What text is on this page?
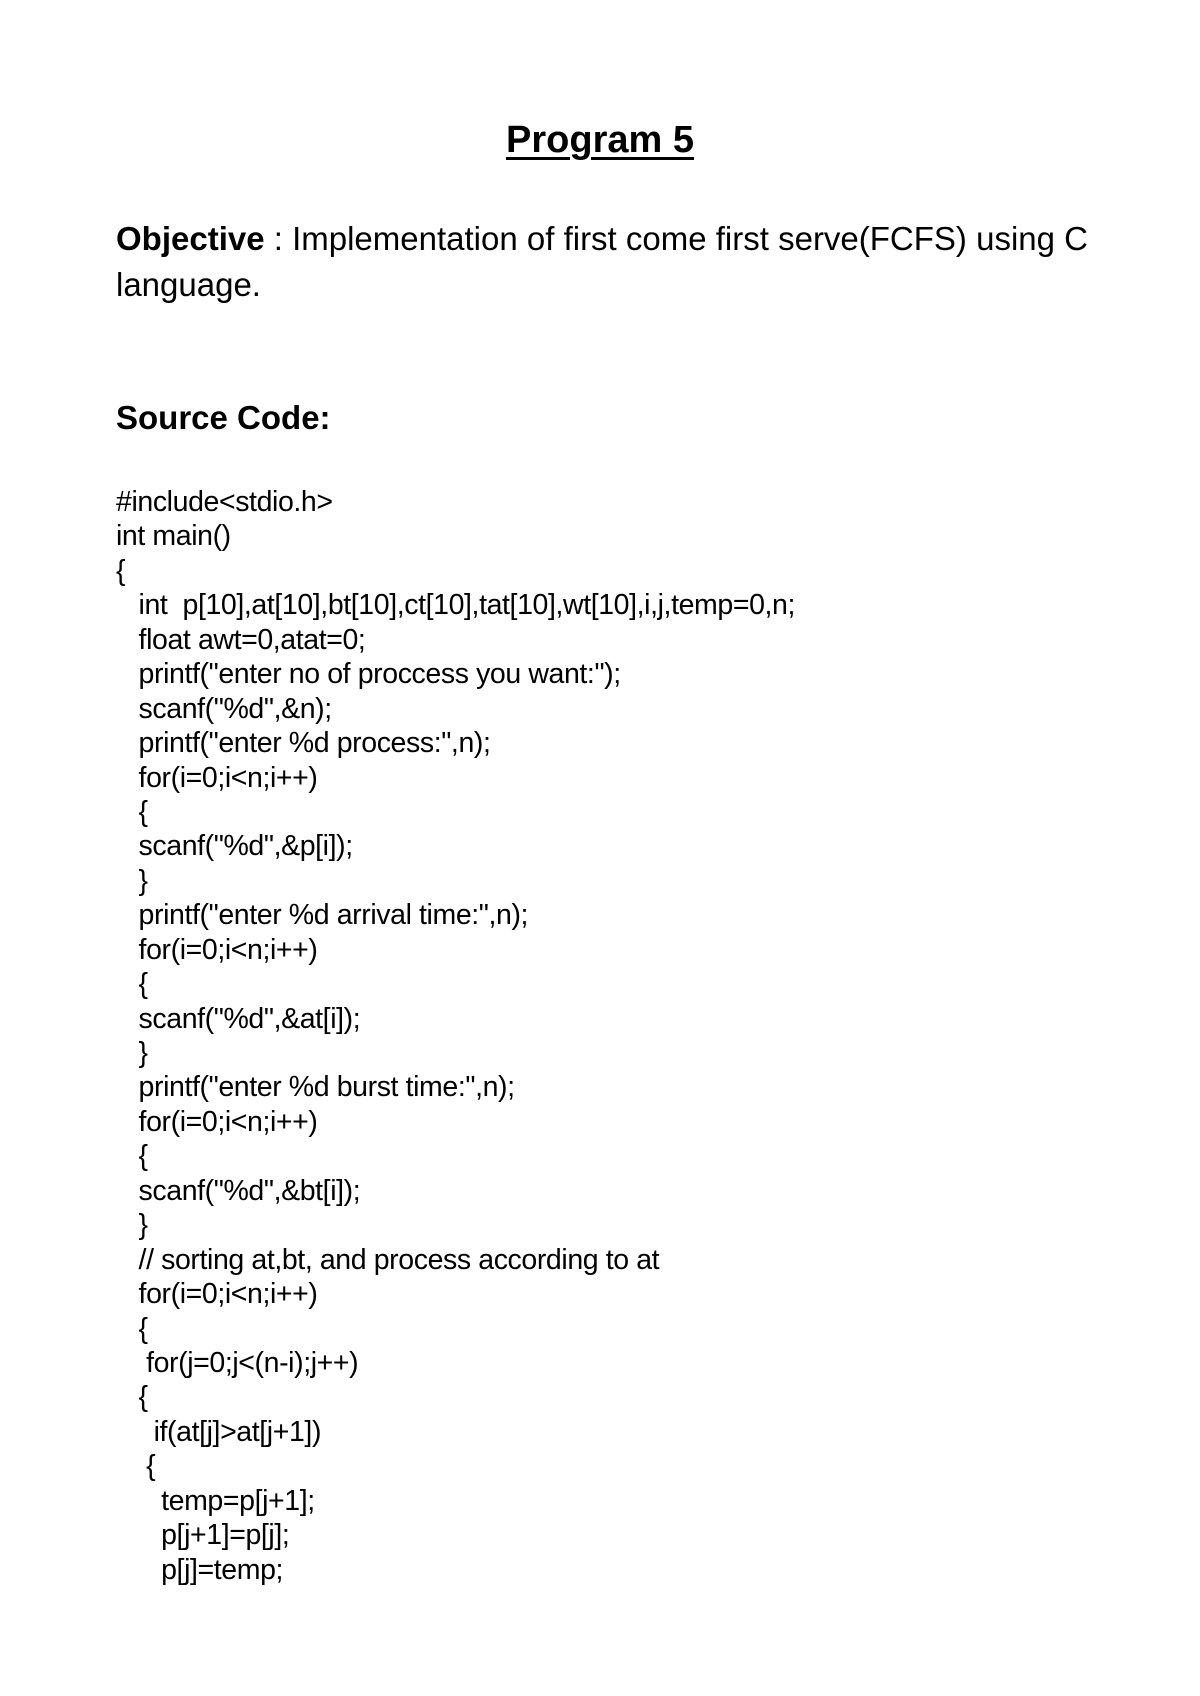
Program 5
Objective : Implementation of first come first serve(FCFS) using C language.
Source Code:
#include<stdio.h>
int main()
{
int  p[10],at[10],bt[10],ct[10],tat[10],wt[10],i,j,temp=0,n;
float awt=0,atat=0;
printf("enter no of proccess you want:");
scanf("%d",&n);
printf("enter %d process:",n);
for(i=0;i<n;i++)
{
scanf("%d",&p[i]);
}
printf("enter %d arrival time:",n);
for(i=0;i<n;i++)
{
scanf("%d",&at[i]);
}
printf("enter %d burst time:",n);
for(i=0;i<n;i++)
{
scanf("%d",&bt[i]);
}
// sorting at,bt, and process according to at
for(i=0;i<n;i++)
{
for(j=0;j<(n-i);j++)
{
if(at[j]>at[j+1])
{
temp=p[j+1];
p[j+1]=p[j];
p[j]=temp;
